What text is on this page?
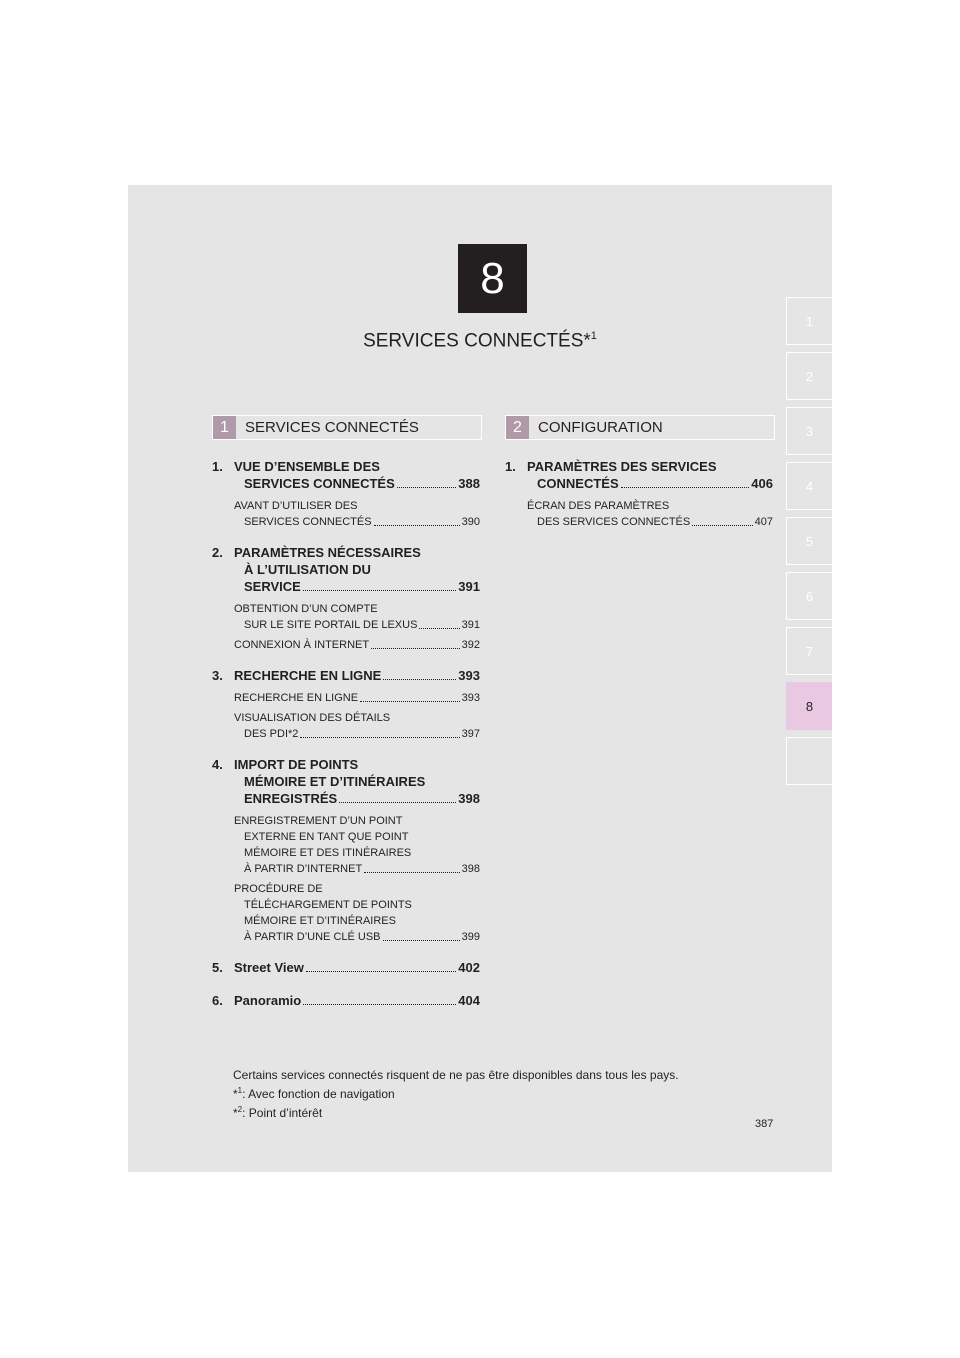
8
SERVICES CONNECTÉS*$^1$
1
2
3
4
5
6
7
8
1	SERVICES CONNECTÉS	2	CONFIGURATION
1. VUE D’ENSEMBLE DES
SERVICES CONNECTÉS	388
AVANT D’UTILISER DES
SERVICES CONNECTÉS	390
2. PARAMÈTRES NÉCESSAIRES
À L’UTILISATION DU
SERVICE	391
OBTENTION D’UN COMPTE
SUR LE SITE PORTAIL DE LEXUS	391
CONNEXION À INTERNET	392
3. RECHERCHE EN LIGNE	393
RECHERCHE EN LIGNE	393
VISUALISATION DES DÉTAILS
DES PDI*2	397
4. IMPORT DE POINTS
MÉMOIRE ET D’ITINÉRAIRES
ENREGISTRÉS	398
ENREGISTREMENT D’UN POINT
EXTERNE EN TANT QUE POINT
MÉMOIRE ET DES ITINÉRAIRES
À PARTIR D’INTERNET	398
PROCÉDURE DE
TÉLÉCHARGEMENT DE POINTS
MÉMOIRE ET D’ITINÉRAIRES
À PARTIR D’UNE CLÉ USB	399
5. Street View	402
6. Panoramio	404
1. PARAMÈTRES DES SERVICES
CONNECTÉS	406
ÉCRAN DES PARAMÈTRES
DES SERVICES CONNECTÉS	407
Certains services connectés risquent de ne pas être disponibles dans tous les pays.
*$^1$: Avec fonction de navigation
*$^2$: Point d’intérêt
387
